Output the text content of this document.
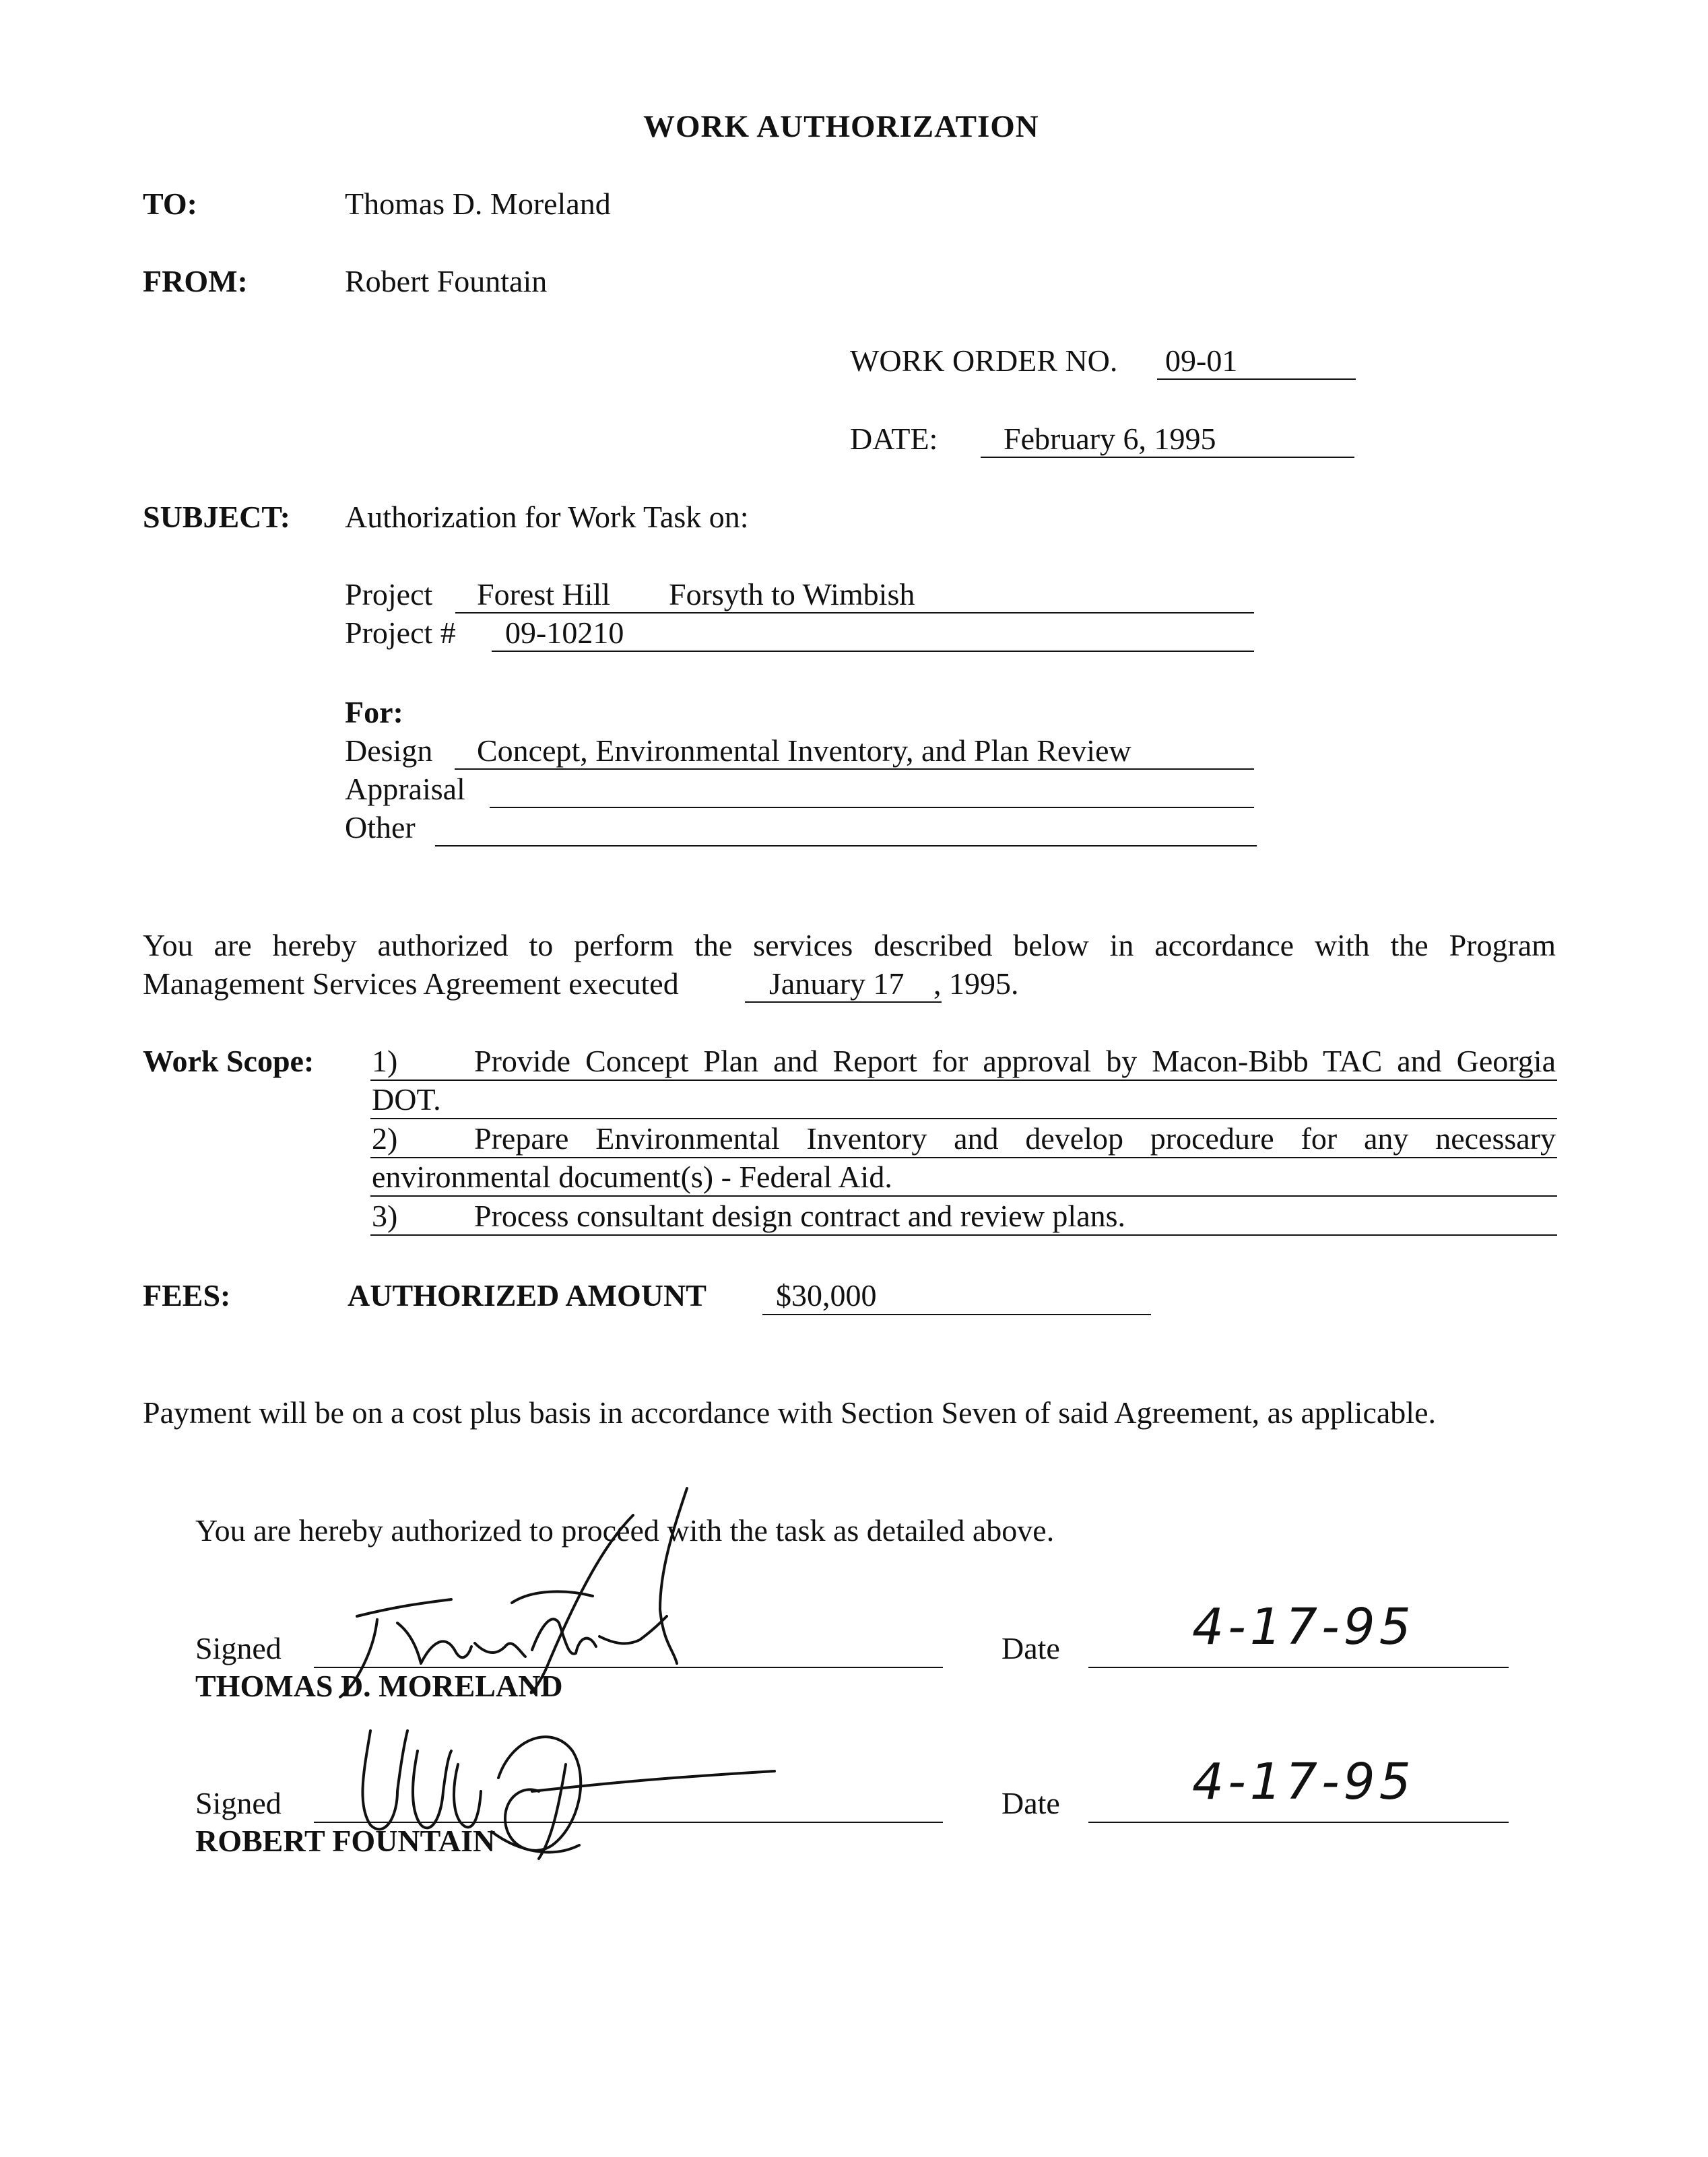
WORK AUTHORIZATION
TO:	Thomas D. Moreland
FROM:	Robert Fountain
WORK ORDER NO. 09-01
DATE: February 6, 1995
SUBJECT: Authorization for Work Task on:
Project Forest Hill Forsyth to Wimbish
Project # 09-10210
For:
Design Concept, Environmental Inventory, and Plan Review
Appraisal
Other
You are hereby authorized to perform the services described below in accordance with the Program
Management Services Agreement executed	January 17 , 1995.
Work Scope: 1) Provide Concept Plan and Report for approval by Macon-Bibb TAC and Georgia
DOT.
2) Prepare Environmental Inventory and develop procedure for any necessary
environmental document(s) - Federal Aid.
3) Process consultant design contract and review plans.
FEES:	AUTHORIZED AMOUNT $30,000
Payment will be on a cost plus basis in accordance with Section Seven of said Agreement, as applicable.
You are hereby authorized to proceed with the task as detailed above.
Signed
THOMAS D. MORELAND
Date	4-17-95
Signed
ROBERT FOUNTAIN
Date	4-17-95
